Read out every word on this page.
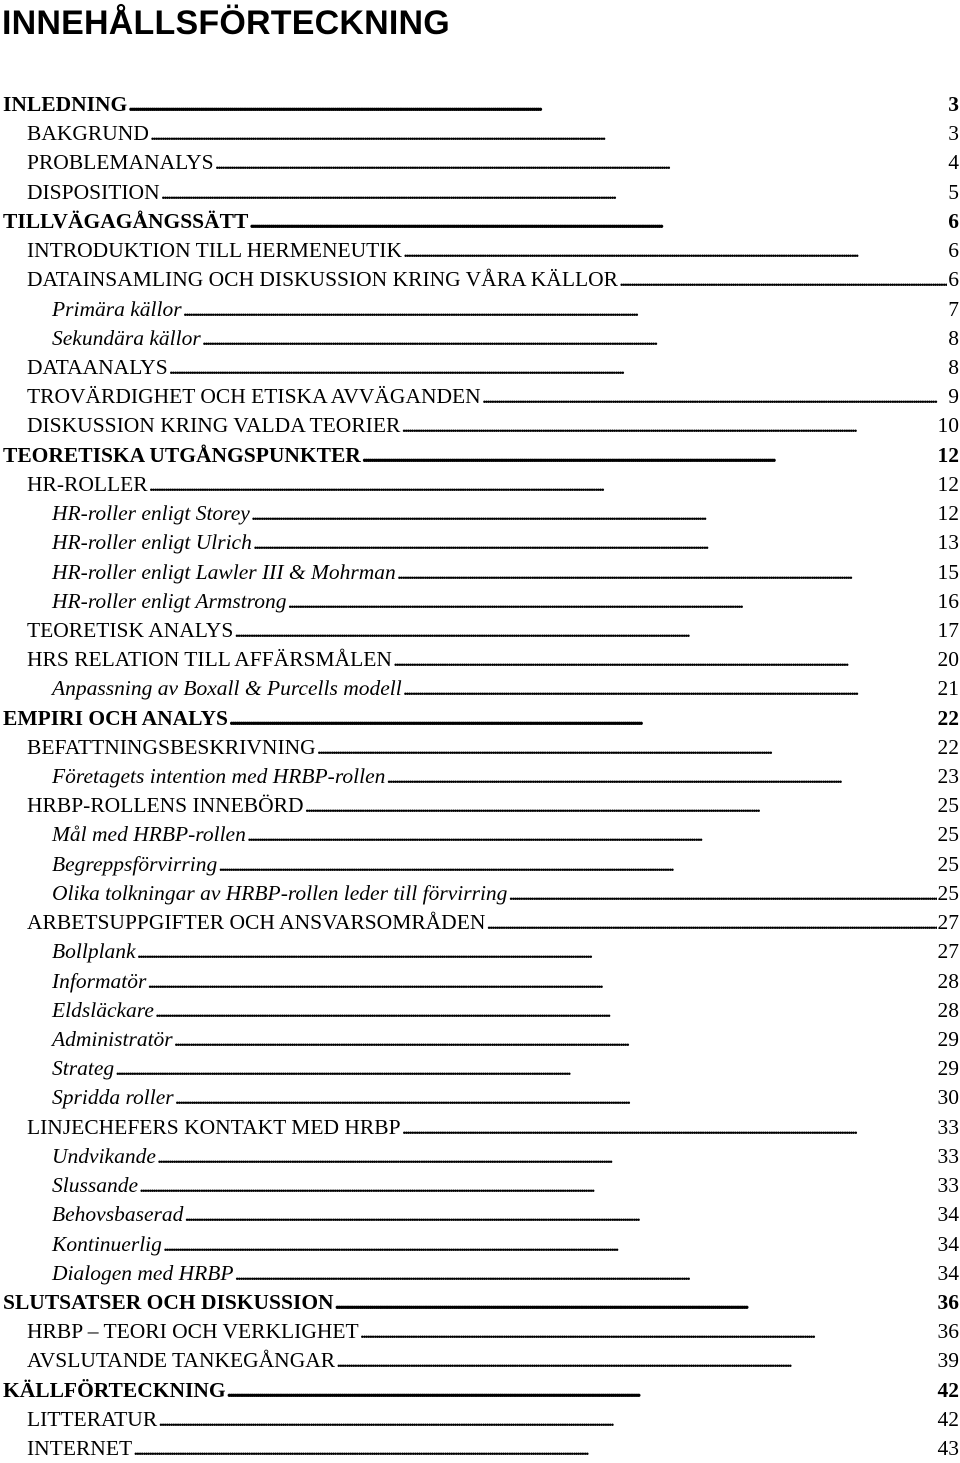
INNEHÅLLSFÖRTECKNING
INLEDNING . . .	3
BAKGRUND . . .	3
PROBLEMANALYS . . .	4
DISPOSITION . . .	5
TILLVÄGAGÅNGSSÄTT . . .	6
INTRODUKTION TILL HERMENEUTIK . . .	6
DATAINSAMLING OCH DISKUSSION KRING VÅRA KÄLLOR . . .	6
Primära källor . . .	7
Sekundära källor . . .	8
DATAANALYS . . .	8
TROVÄRDIGHET OCH ETISKA AVVÄGANDEN . . .	9
DISKUSSION KRING VALDA TEORIER . . .	10
TEORETISKA UTGÅNGSPUNKTER . . .	12
HR-ROLLER . . .	12
HR-roller enligt Storey . . .	12
HR-roller enligt Ulrich . . .	13
HR-roller enligt Lawler III & Mohrman . . .	15
HR-roller enligt Armstrong . . .	16
TEORETISK ANALYS . . .	17
HRS RELATION TILL AFFÄRSMÅLEN . . .	20
Anpassning av Boxall & Purcells modell . . .	21
EMPIRI OCH ANALYS . . .	22
BEFATTNINGSBESKRIVNING . . .	22
Företagets intention med HRBP-rollen . . .	23
HRBP-ROLLENS INNEBÖRD . . .	25
Mål med HRBP-rollen . . .	25
Begreppsförvirring . . .	25
Olika tolkningar av HRBP-rollen leder till förvirring . . .	25
ARBETSUPPGIFTER OCH ANSVARSOMRÅDEN . . .	27
Bollplank . . .	27
Informatör . . .	28
Eldsläckare . . .	28
Administratör . . .	29
Strateg . . .	29
Spridda roller . . .	30
LINJECHEFERS KONTAKT MED HRBP . . .	33
Undvikande . . .	33
Slussande . . .	33
Behovsbaserad . . .	34
Kontinuerlig . . .	34
Dialogen med HRBP . . .	34
SLUTSATSER OCH DISKUSSION . . .	36
HRBP – TEORI OCH VERKLIGHET . . .	36
AVSLUTANDE TANKEGÅNGAR . . .	39
KÄLLFÖRTECKNING . . .	42
LITTERATUR . . .	42
INTERNET . . .	43
